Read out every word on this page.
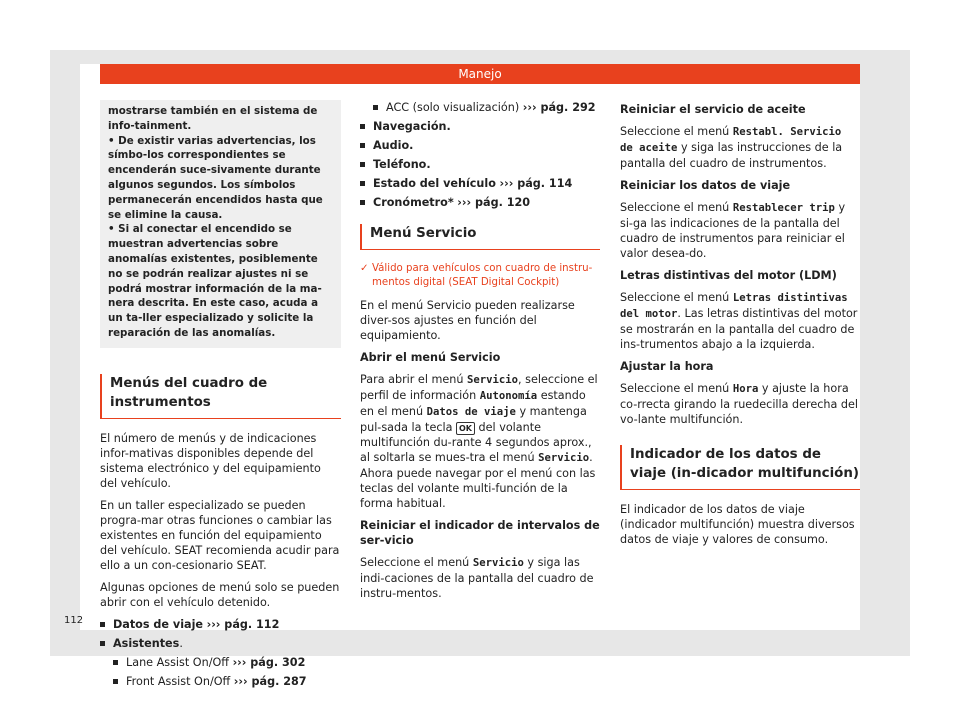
Manejo

mostrarse también en el sistema de info-tainment.

• De existir varias advertencias, los símbo-los correspondientes se encenderán suce-sivamente durante algunos segundos. Los símbolos permanecerán encendidos hasta que se elimine la causa.

• Si al conectar el encendido se muestran advertencias sobre anomalías existentes, posiblemente no se podrán realizar ajustes ni se podrá mostrar información de la ma-nera descrita. En este caso, acuda a un ta-ller especializado y solicite la reparación de las anomalías.

Menús del cuadro de instrumentos

El número de menús y de indicaciones infor-mativas disponibles depende del sistema electrónico y del equipamiento del vehículo.

En un taller especializado se pueden progra-mar otras funciones o cambiar las existentes en función del equipamiento del vehículo. SEAT recomienda acudir para ello a un con-cesionario SEAT.

Algunas opciones de menú solo se pueden abrir con el vehículo detenido.

Datos de viaje ››› pág. 112

Asistentes.

Lane Assist On/Off ››› pág. 302

Front Assist On/Off ››› pág. 287

ACC (solo visualización) ››› pág. 292

Navegación.

Audio.

Teléfono.

Estado del vehículo ››› pág. 114

Cronómetro* ››› pág. 120

Menú Servicio

✓ Válido para vehículos con cuadro de instru-mentos digital (SEAT Digital Cockpit)

En el menú Servicio pueden realizarse diver-sos ajustes en función del equipamiento.

Abrir el menú Servicio

Para abrir el menú Servicio, seleccione el perfil de información Autonomía estando en el menú Datos de viaje y mantenga pul-sada la tecla OK del volante multifunción du-rante 4 segundos aprox., al soltarla se mues-tra el menú Servicio. Ahora puede navegar por el menú con las teclas del volante multi-función de la forma habitual.

Reiniciar el indicador de intervalos de ser-vicio

Seleccione el menú Servicio y siga las indi-caciones de la pantalla del cuadro de instru-mentos.

Reiniciar el servicio de aceite

Seleccione el menú Restabl. Servicio de aceite y siga las instrucciones de la pantalla del cuadro de instrumentos.

Reiniciar los datos de viaje

Seleccione el menú Restablecer trip y si-ga las indicaciones de la pantalla del cuadro de instrumentos para reiniciar el valor desea-do.

Letras distintivas del motor (LDM)

Seleccione el menú Letras distintivas del motor. Las letras distintivas del motor se mostrarán en la pantalla del cuadro de ins-trumentos abajo a la izquierda.

Ajustar la hora

Seleccione el menú Hora y ajuste la hora co-rrecta girando la ruedecilla derecha del vo-lante multifunción.

Indicador de los datos de viaje (in-dicador multifunción)

El indicador de los datos de viaje (indicador multifunción) muestra diversos datos de viaje y valores de consumo.

112
